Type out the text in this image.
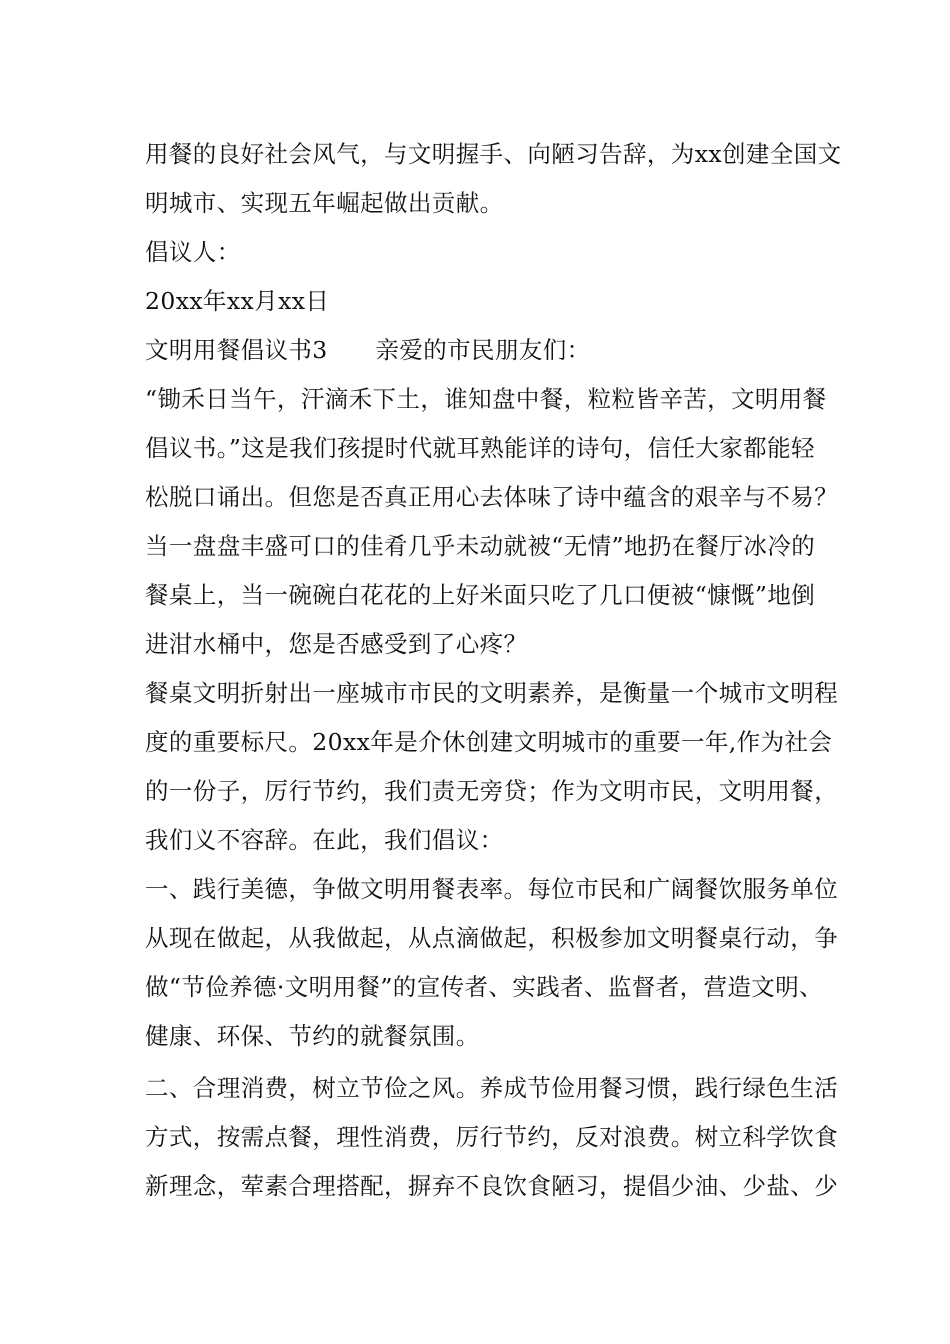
用餐的良好社会风气，与文明握手、向陋习告辞，为xx创建全国文
明城市、实现五年崛起做出贡献。
倡议人：
20xx年xx月xx日
文明用餐倡议书3　　亲爱的市民朋友们：
“锄禾日当午，汗滴禾下土，谁知盘中餐，粒粒皆辛苦，文明用餐
倡议书。”这是我们孩提时代就耳熟能详的诗句，信任大家都能轻
松脱口诵出。但您是否真正用心去体味了诗中蕴含的艰辛与不易？
当一盘盘丰盛可口的佳肴几乎未动就被“无情”地扔在餐厅冰冷的
餐桌上，当一碗碗白花花的上好米面只吃了几口便被“慷慨”地倒
进泔水桶中，您是否感受到了心疼？
餐桌文明折射出一座城市市民的文明素养，是衡量一个城市文明程
度的重要标尺。20xx年是介休创建文明城市的重要一年,作为社会
的一份子，厉行节约，我们责无旁贷；作为文明市民，文明用餐，
我们义不容辞。在此，我们倡议：
一、践行美德，争做文明用餐表率。每位市民和广阔餐饮服务单位
从现在做起，从我做起，从点滴做起，积极参加文明餐桌行动，争
做“节俭养德·文明用餐”的宣传者、实践者、监督者，营造文明、
健康、环保、节约的就餐氛围。
二、合理消费，树立节俭之风。养成节俭用餐习惯，践行绿色生活
方式，按需点餐，理性消费，厉行节约，反对浪费。树立科学饮食
新理念，荤素合理搭配，摒弃不良饮食陋习，提倡少油、少盐、少
